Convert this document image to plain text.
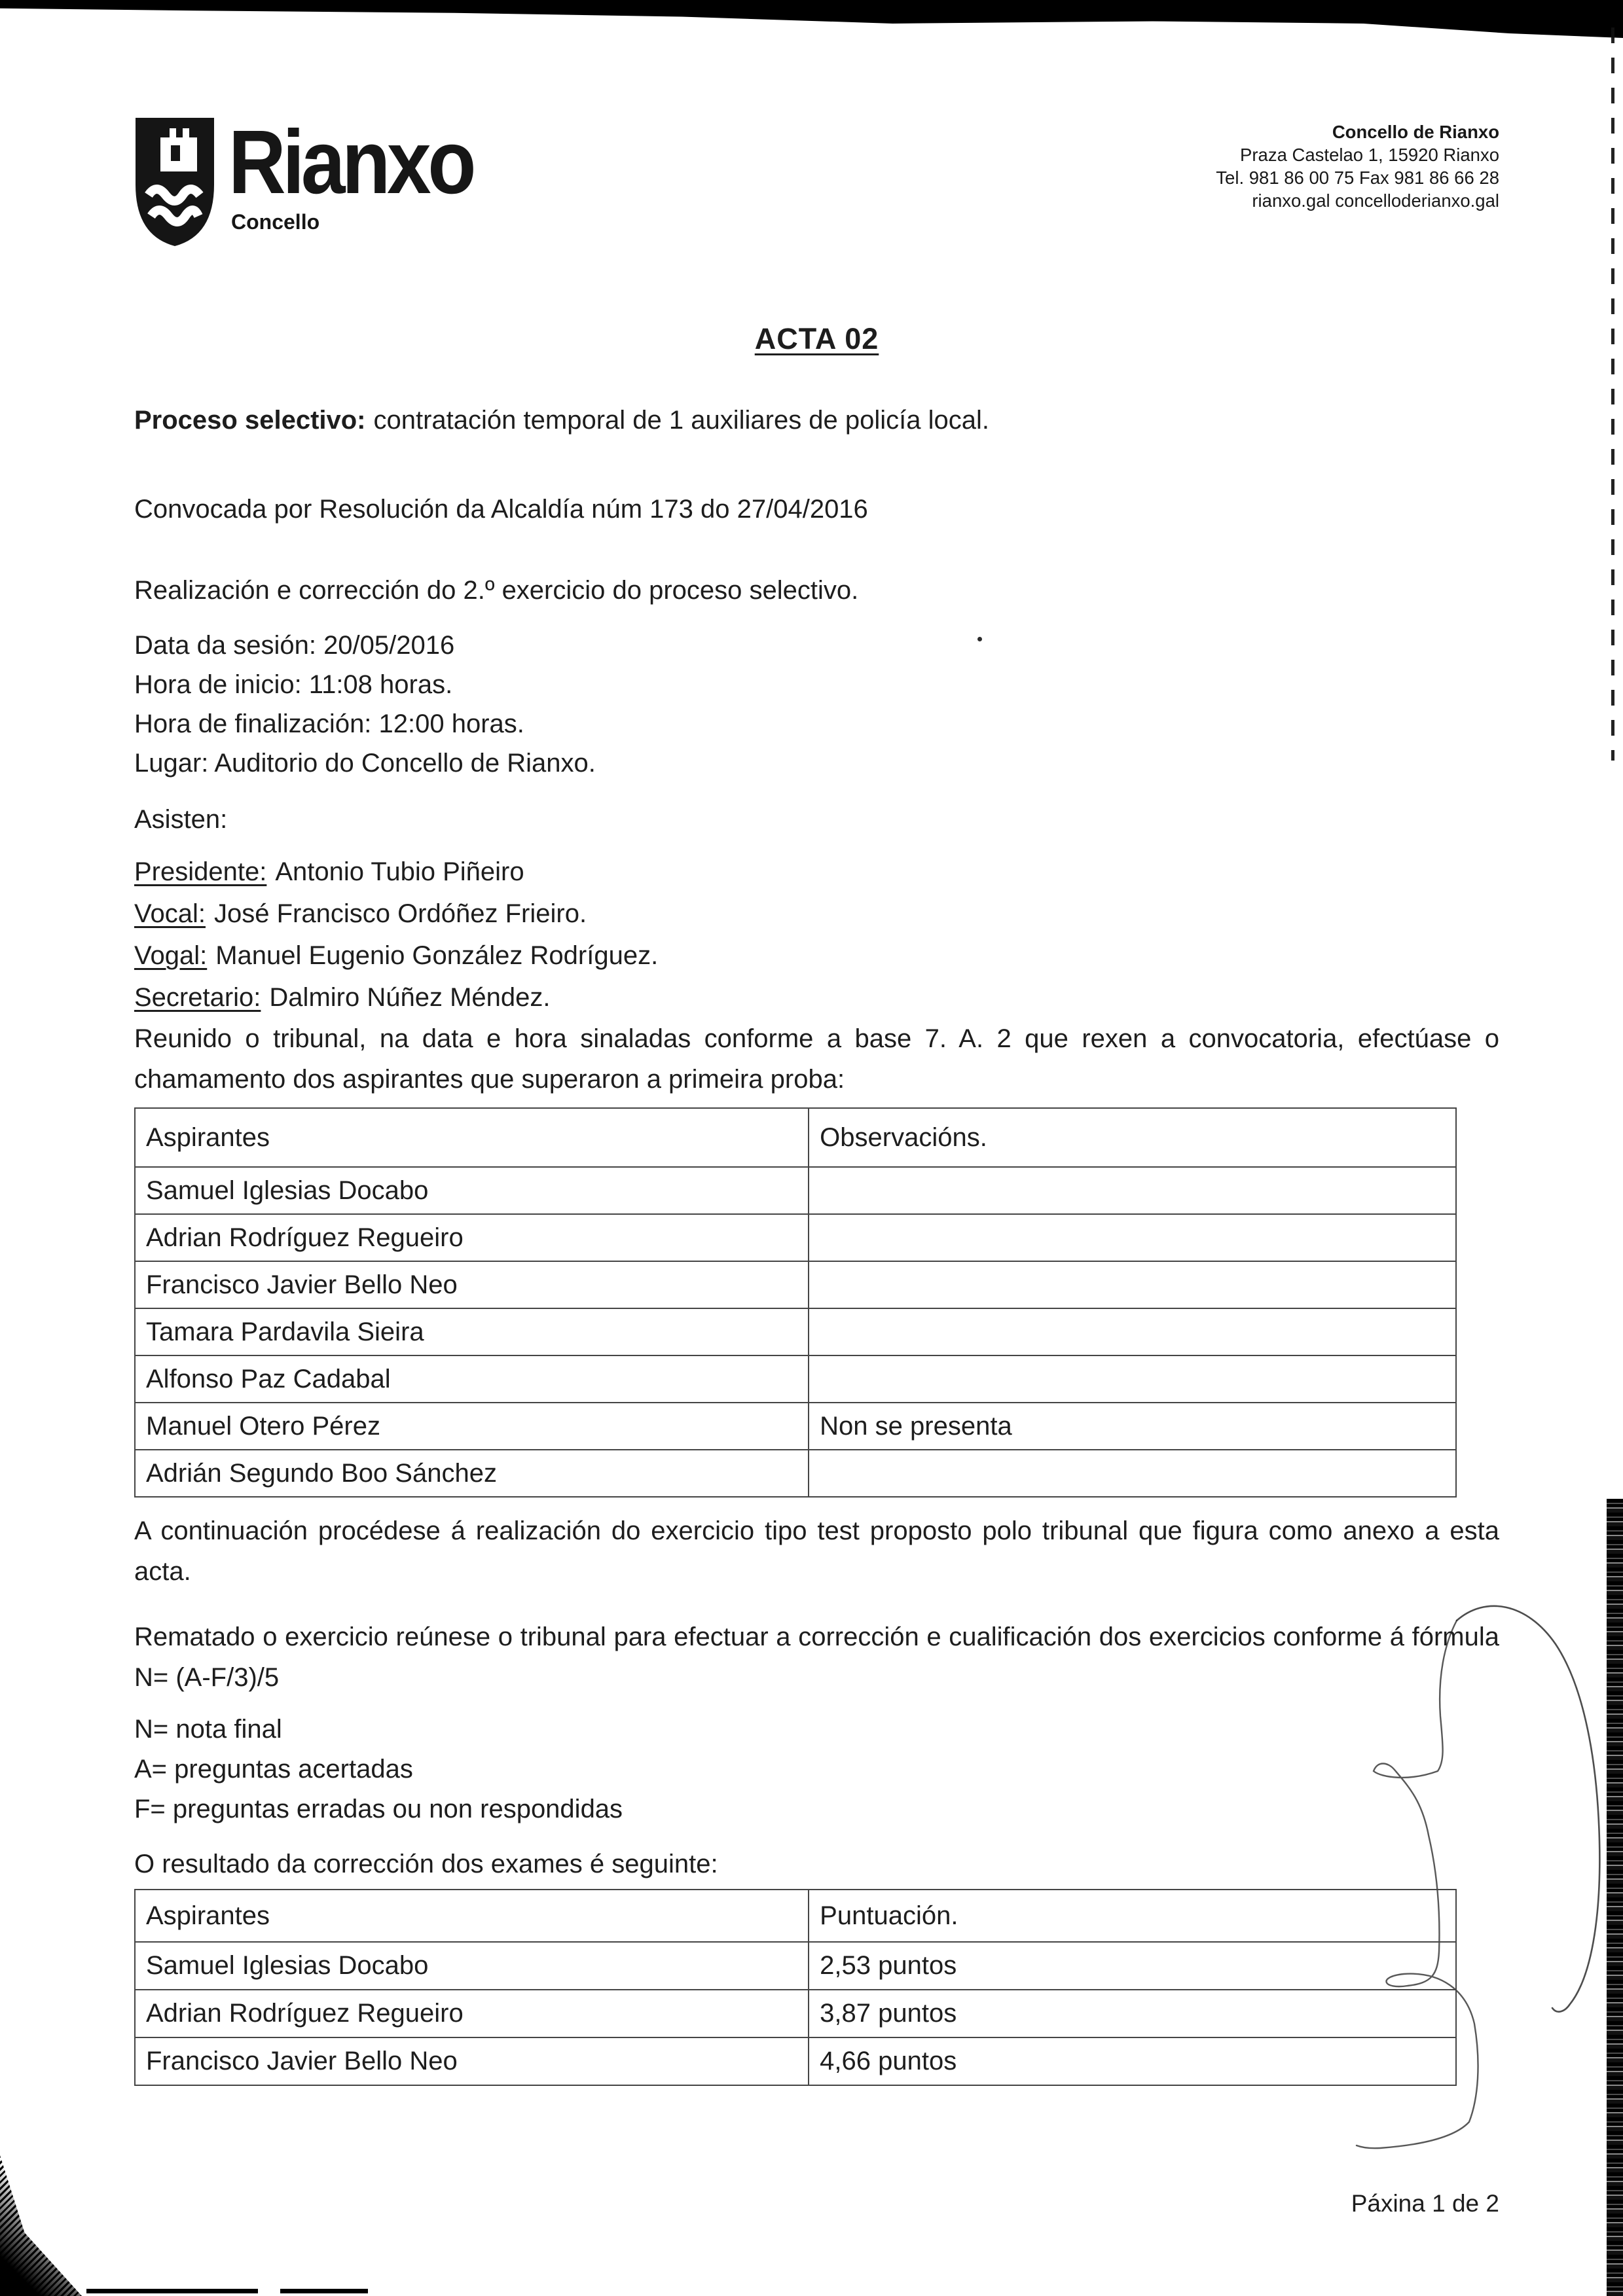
Rianxo
Concello
Concello de Rianxo
Praza Castelao 1, 15920 Rianxo
Tel. 981 86 00 75 Fax 981 86 66 28
rianxo.gal concelloderianxo.gal
ACTA 02
Proceso selectivo: contratación temporal de 1 auxiliares de policía local.
Convocada por Resolución da Alcaldía núm 173 do 27/04/2016
Realización e corrección do 2.º exercicio do proceso selectivo.
Data da sesión: 20/05/2016
Hora de inicio: 11:08 horas.
Hora de finalización: 12:00 horas.
Lugar: Auditorio do Concello de Rianxo.
Asisten:
Presidente: Antonio Tubio Piñeiro
Vocal: José Francisco Ordóñez Frieiro.
Vogal: Manuel Eugenio González Rodríguez.
Secretario: Dalmiro Núñez Méndez.
Reunido o tribunal, na data e hora sinaladas conforme a base 7. A. 2 que rexen a convocatoria, efectúase o chamamento dos aspirantes que superaron a primeira proba:
Aspirantes	Observacións.
Samuel Iglesias Docabo	
Adrian Rodríguez Regueiro	
Francisco Javier Bello Neo	
Tamara Pardavila Sieira	
Alfonso Paz Cadabal	
Manuel Otero Pérez	Non se presenta
Adrián Segundo Boo Sánchez	
A continuación procédese á realización do exercicio tipo test proposto polo tribunal que figura como anexo a esta acta.
Rematado o exercicio reúnese o tribunal para efectuar a corrección e cualificación dos exercicios conforme á fórmula N= (A-F/3)/5
N= nota final
A= preguntas acertadas
F= preguntas erradas ou non respondidas
O resultado da corrección dos exames é seguinte:
Aspirantes	Puntuación.
Samuel Iglesias Docabo	2,53 puntos
Adrian Rodríguez Regueiro	3,87 puntos
Francisco Javier Bello Neo	4,66 puntos
Páxina 1 de 2
